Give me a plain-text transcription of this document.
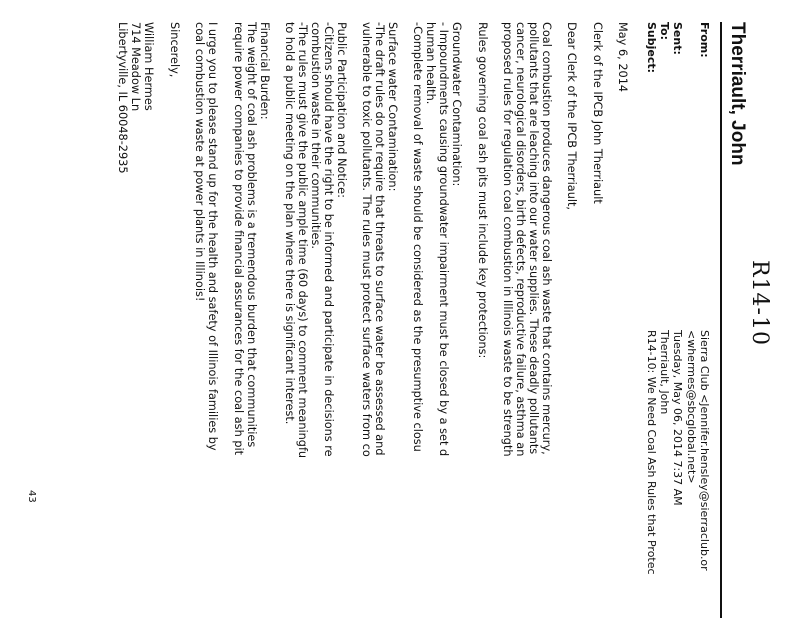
R14-10
Therriault, John
From:
Sierra Club <Jennifer.hensley@sierraclub.or
<whermes@sbcglobal.net>
Sent:
Tuesday, May 06, 2014 7:37 AM
To:
Therriault, John
Subject:
R14-10: We Need Coal Ash Rules that Protec
May 6, 2014
Clerk of the IPCB John Therriault
Dear Clerk of the IPCB Therriault,
Coal combustion produces dangerous coal ash waste that contains mercury,
pollutants that are leaching into our water supplies. These deadly pollutants
cancer, neurological disorders, birth defects, reproductive failure, asthma an
proposed rules for regulation coal combustion in Illinois waste to be strength
Rules governing coal ash pits must include key protections:
Groundwater Contamination:
- Impoundments causing groundwater impairment must be closed by a set d
human health.
-Complete removal of waste should be considered as the presumptive closu
Surface water Contamination:
-The draft rules do not require that threats to surface water be assessed and
vulnerable to toxic pollutants. The rules must protect surface waters from co
Public Participation and Notice:
-Citizens should have the right to be informed and participate in decisions re
combustion waste in their communities.
-The rules must give the public ample time (60 days) to comment meaningfu
to hold a public meeting on the plan where there is significant interest.
Financial Burden:
The weight of coal ash problems is a tremendous burden that communities
require power companies to provide financial assurances for the coal ash pit
I urge you to please stand up for the health and safety of Illinois families by
coal combustion waste at power plants in Illinois!
Sincerely,
William Hermes
714 Meadow Ln
Libertyville, IL 60048-2935
43
